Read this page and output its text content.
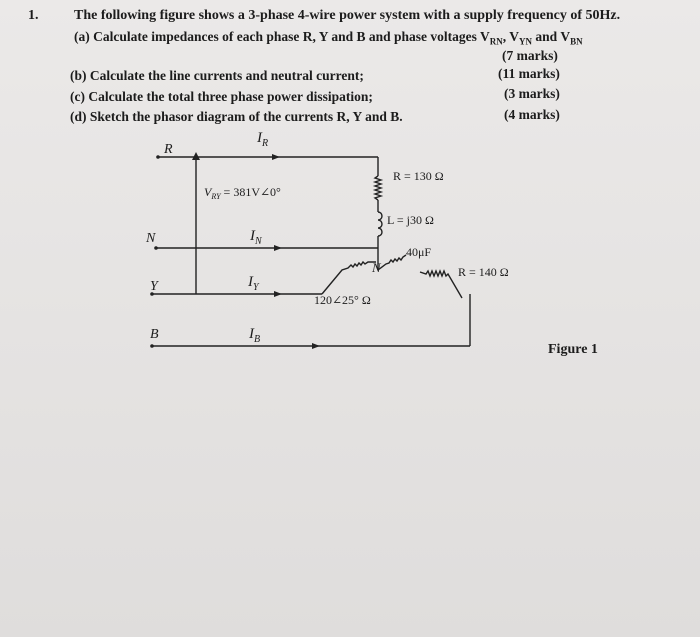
1.	The following figure shows a 3-phase 4-wire power system with a supply frequency of 50Hz.
(a) Calculate impedances of each phase R, Y and B and phase voltages $V_{RN}$, $V_{YN}$ and $V_{BN}$
(7 marks)
(b) Calculate the line currents and neutral current;	(11 marks)
(c) Calculate the total three phase power dissipation;	(3 marks)
(d) Sketch the phasor diagram of the currents R, Y and B.	(4 marks)
R
N
Y
B
$I_R$
$I_N$
$I_Y$
$I_B$
$V_{RY}$ = 381V∠0°
R = 130 Ω
L = j30 Ω
40μF
N	R = 140 Ω
120∠25° Ω
Figure 1
